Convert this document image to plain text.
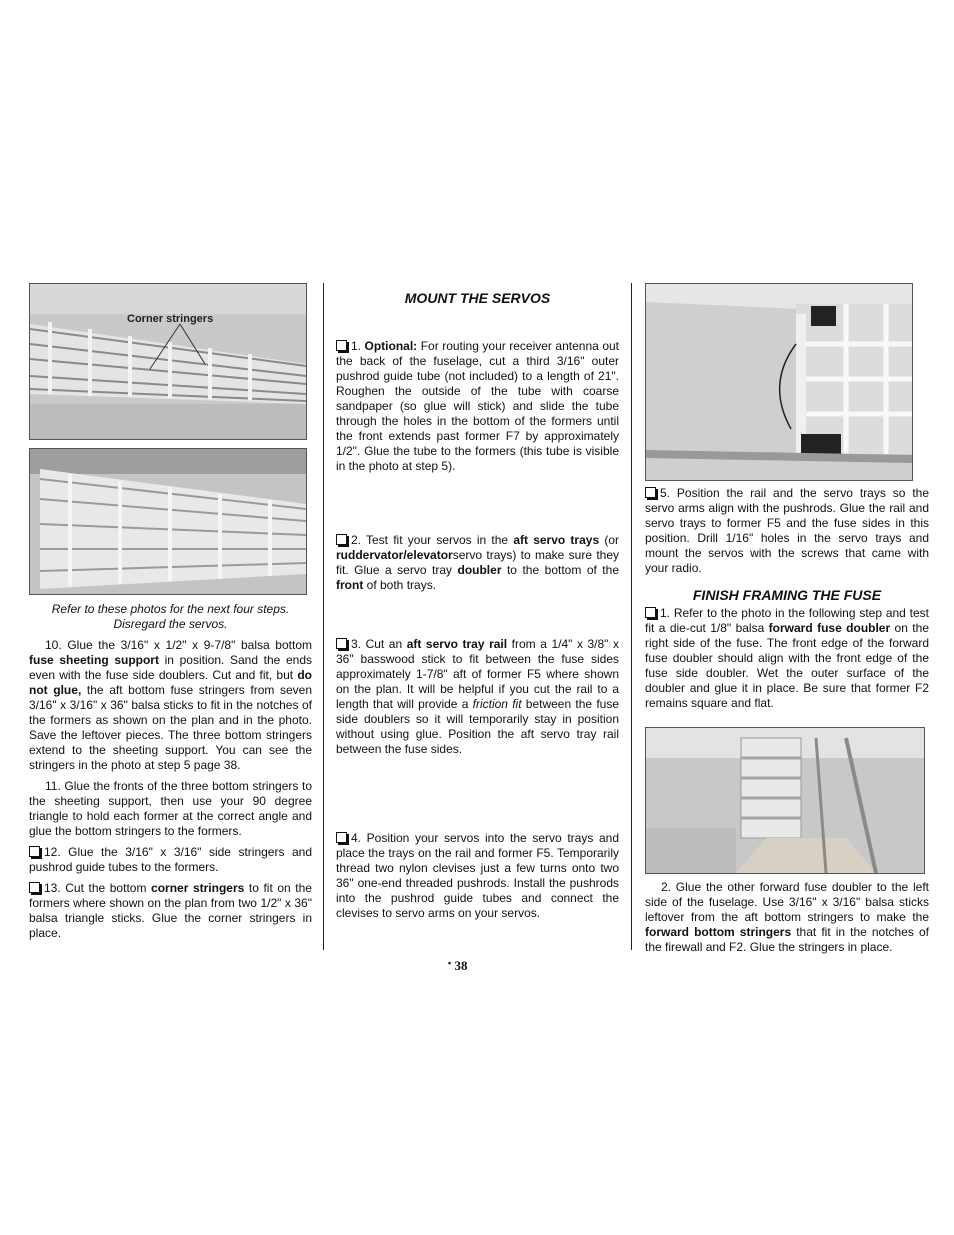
Corner stringers
Refer to these photos for the next four steps.
Disregard the servos.

10. Glue the 3/16" x 1/2" x 9-7/8" balsa bottom fuse sheeting support in position. Sand the ends even with the fuse side doublers. Cut and fit, but do not glue, the aft bottom fuse stringers from seven 3/16" x 3/16" x 36" balsa sticks to fit in the notches of the formers as shown on the plan and in the photo. Save the leftover pieces. The three bottom stringers extend to the sheeting support. You can see the stringers in the photo at step 5 page 38.

11. Glue the fronts of the three bottom stringers to the sheeting support, then use your 90 degree triangle to hold each former at the correct angle and glue the bottom stringers to the formers.

12. Glue the 3/16" x 3/16" side stringers and pushrod guide tubes to the formers.

13. Cut the bottom corner stringers to fit on the formers where shown on the plan from two 1/2" x 36" balsa triangle sticks. Glue the corner stringers in place.

MOUNT THE SERVOS

1. Optional: For routing your receiver antenna out the back of the fuselage, cut a third 3/16" outer pushrod guide tube (not included) to a length of 21". Roughen the outside of the tube with coarse sandpaper (so glue will stick) and slide the tube through the holes in the bottom of the formers until the front extends past former F7 by approximately 1/2". Glue the tube to the formers (this tube is visible in the photo at step 5).

2. Test fit your servos in the aft servo trays (or ruddervator/elevatorservo trays) to make sure they fit. Glue a servo tray doubler to the bottom of the front of both trays.

3. Cut an aft servo tray rail from a 1/4" x 3/8" x 36" basswood stick to fit between the fuse sides approximately 1-7/8" aft of former F5 where shown on the plan. It will be helpful if you cut the rail to a length that will provide a friction fit between the fuse side doublers so it will temporarily stay in position without using glue. Position the aft servo tray rail between the fuse sides.

4. Position your servos into the servo trays and place the trays on the rail and former F5. Temporarily thread two nylon clevises just a few turns onto two 36" one-end threaded pushrods. Install the pushrods into the pushrod guide tubes and connect the clevises to servo arms on your servos.

5. Position the rail and the servo trays so the servo arms align with the pushrods. Glue the rail and servo trays to former F5 and the fuse sides in this position. Drill 1/16" holes in the servo trays and mount the servos with the screws that came with your radio.

FINISH FRAMING THE FUSE

1. Refer to the photo in the following step and test fit a die-cut 1/8" balsa forward fuse doubler on the right side of the fuse. The front edge of the forward fuse doubler should align with the front edge of the fuse side doubler. Wet the outer surface of the doubler and glue it in place. Be sure that former F2 remains square and flat.

2. Glue the other forward fuse doubler to the left side of the fuselage. Use 3/16" x 3/16" balsa sticks leftover from the aft bottom stringers to make the forward bottom stringers that fit in the notches of the firewall and F2. Glue the stringers in place.

▪ 38
